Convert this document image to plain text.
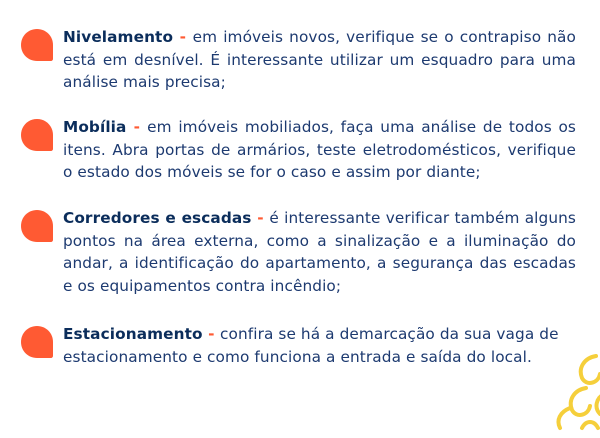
Nivelamento - em imóveis novos, verifique se o contrapiso não está em desnível. É interessante utilizar um esquadro para uma análise mais precisa;
Mobília - em imóveis mobiliados, faça uma análise de todos os itens. Abra portas de armários, teste eletrodomésticos, verifique o estado dos móveis se for o caso e assim por diante;
Corredores e escadas - é interessante verificar também alguns pontos na área externa, como a sinalização e a iluminação do andar, a identificação do apartamento, a segurança das escadas e os equipamentos contra incêndio;
Estacionamento - confira se há a demarcação da sua vaga de estacionamento e como funciona a entrada e saída do local.
